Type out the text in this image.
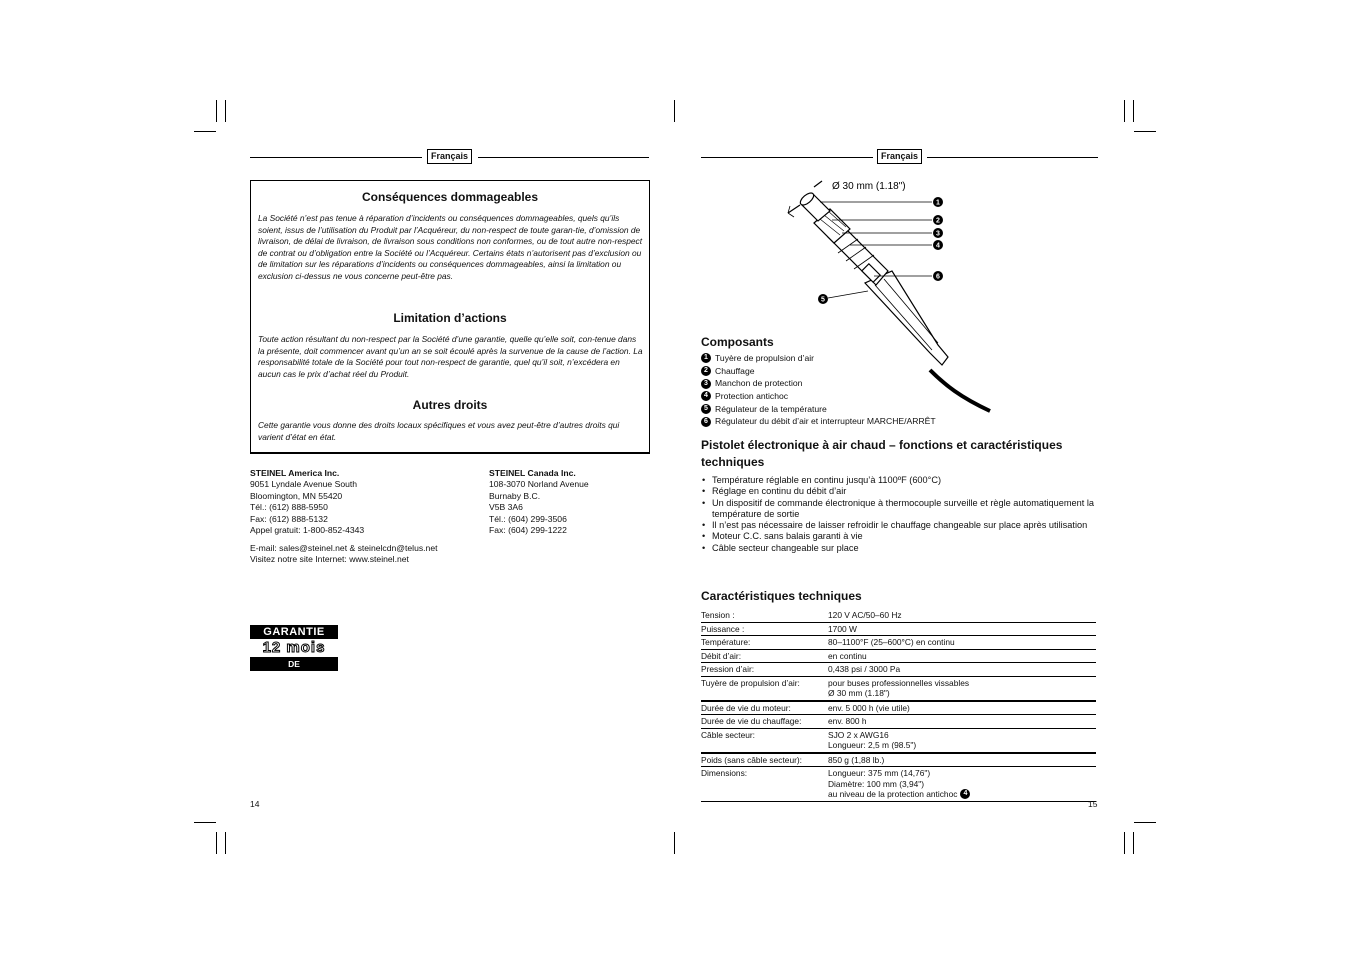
Français
Conséquences dommageables
La Société n’est pas tenue à réparation d’incidents ou conséquences dommageables, quels qu’ils soient, issus de l’utilisation du Produit par l’Acquéreur, du non-respect de toute garan-tie, d’omission de livraison, de délai de livraison, de livraison sous conditions non conformes, ou de tout autre non-respect de contrat ou d’obligation entre la Société ou l’Acquéreur. Certains états n’autorisent pas d’exclusion ou de limitation sur les réparations d’incidents ou conséquences dommageables, ainsi la limitation ou exclusion ci-dessus ne vous concerne peut-être pas.
Limitation d’actions
Toute action résultant du non-respect par la Société d’une garantie, quelle qu’elle soit, con-tenue dans la présente, doit commencer avant qu’un an se soit écoulé après la survenue de la cause de l’action. La responsabilité totale de la Société pour tout non-respect de garantie, quel qu’il soit, n’excédera en aucun cas le prix d’achat réel du Produit.
Autres droits
Cette garantie vous donne des droits locaux spécifiques et vous avez peut-être d’autres droits qui varient d’état en état.
STEINEL America Inc.
9051 Lyndale Avenue South
Bloomington, MN 55420
Tél.: (612) 888-5950
Fax: (612) 888-5132
Appel gratuit: 1-800-852-4343
STEINEL Canada Inc.
108-3070 Norland Avenue
Burnaby B.C.
V5B 3A6
Tél.: (604) 299-3506
Fax: (604) 299-1222
E-mail: sales@steinel.net & steinelcdn@telus.net
Visitez notre site Internet: www.steinel.net
GARANTIE
12 mois
DE FONCTIONNEMENT
14
Français
Ø 30 mm (1.18")
1
2
3
4
6
5
Composants
1 Tuyère de propulsion d’air
2 Chauffage
3 Manchon de protection
4 Protection antichoc
5 Régulateur de la température
6 Régulateur du débit d’air et interrupteur MARCHE/ARRÊT
Pistolet électronique à air chaud – fonctions et caractéristiques techniques
• Température réglable en continu jusqu’à 1100ºF (600°C)
• Réglage en continu du débit d’air
• Un dispositif de commande électronique à thermocouple surveille et règle automatiquement la température de sortie
• Il n’est pas nécessaire de laisser refroidir le chauffage changeable sur place après utilisation
• Moteur C.C. sans balais garanti à vie
• Câble secteur changeable sur place
Caractéristiques techniques
Tension :	120 V AC/50–60 Hz
Puissance :	1700 W
Température:	80–1100°F (25–600°C) en continu
Débit d’air:	en continu
Pression d’air:	0,438 psi / 3000 Pa
Tuyère de propulsion d’air:	pour buses professionnelles vissables
Ø 30 mm (1.18")
Durée de vie du moteur:	env. 5 000 h (vie utile)
Durée de vie du chauffage:	env. 800 h
Câble secteur:	SJO 2 x AWG16
Longueur: 2,5 m (98.5")
Poids (sans câble secteur):	850 g (1,88 lb.)
Dimensions:	Longueur: 375 mm (14,76")
Diamètre: 100 mm (3,94")
au niveau de la protection antichoc 4
15
